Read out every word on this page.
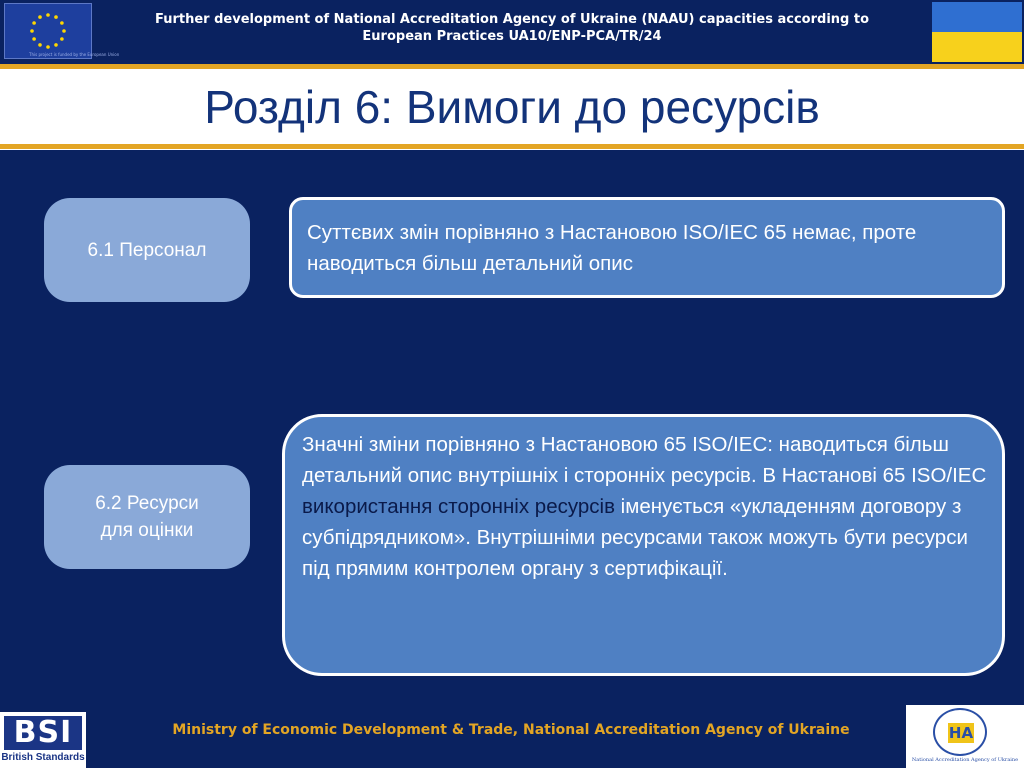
This project is funded by the European Union
Further development of National Accreditation Agency of Ukraine (NAAU) capacities according to
European Practices UA10/ENP-PCA/TR/24
Розділ 6: Вимоги до ресурсів
6.1 Персонал
Суттєвих змін порівняно з Настановою ISO/IEC 65 немає, проте наводиться більш детальний опис
6.2 Ресурси
для оцінки
Значні зміни порівняно з Настановою 65 ISO/IEC: наводиться більш детальний опис внутрішніх і сторонніх ресурсів. В Настанові 65 ISO/IEC використання сторонніх ресурсів іменується «укладенням договору з субпідрядником». Внутрішніми ресурсами також можуть бути ресурси під прямим контролем органу з сертифікації.
BSI
British Standards
Ministry of Economic Development & Trade, National Accreditation Agency of Ukraine	НА
National Accreditation Agency of Ukraine
